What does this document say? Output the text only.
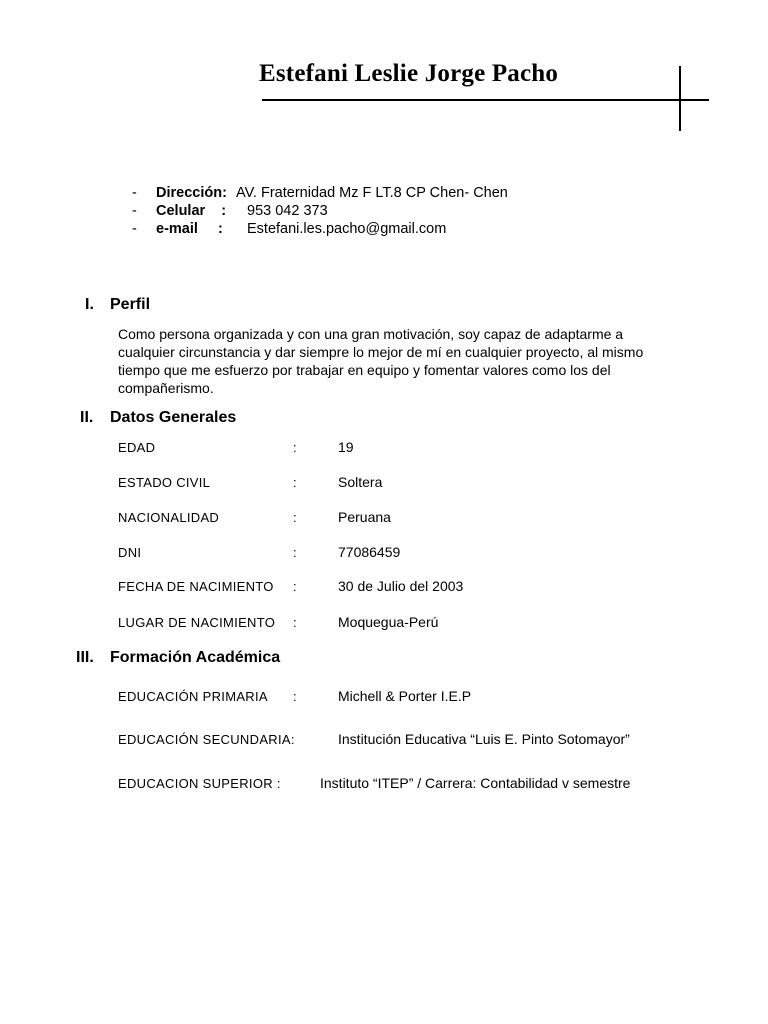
Estefani Leslie Jorge Pacho
- Dirección: AV. Fraternidad Mz F LT.8 CP Chen- Chen
- Celular    : 953 042 373
- e-mail     : Estefani.les.pacho@gmail.com
I. Perfil
Como persona organizada y con una gran motivación, soy capaz de adaptarme a
cualquier circunstancia y dar siempre lo mejor de mí en cualquier proyecto, al mismo
tiempo que me esfuerzo por trabajar en equipo y fomentar valores como los del
compañerismo.
II. Datos Generales
EDAD	:	19
ESTADO CIVIL	:	Soltera
NACIONALIDAD	:	Peruana
DNI	:	77086459
FECHA DE NACIMIENTO :	30 de Julio del 2003
LUGAR DE NACIMIENTO :	Moquegua-Perú
III. Formación Académica
EDUCACIÓN PRIMARIA :	Michell & Porter I.E.P
EDUCACIÓN SECUNDARIA:	Institución Educativa “Luis E. Pinto Sotomayor”
EDUCACION SUPERIOR :	Instituto “ITEP” / Carrera: Contabilidad v semestre
